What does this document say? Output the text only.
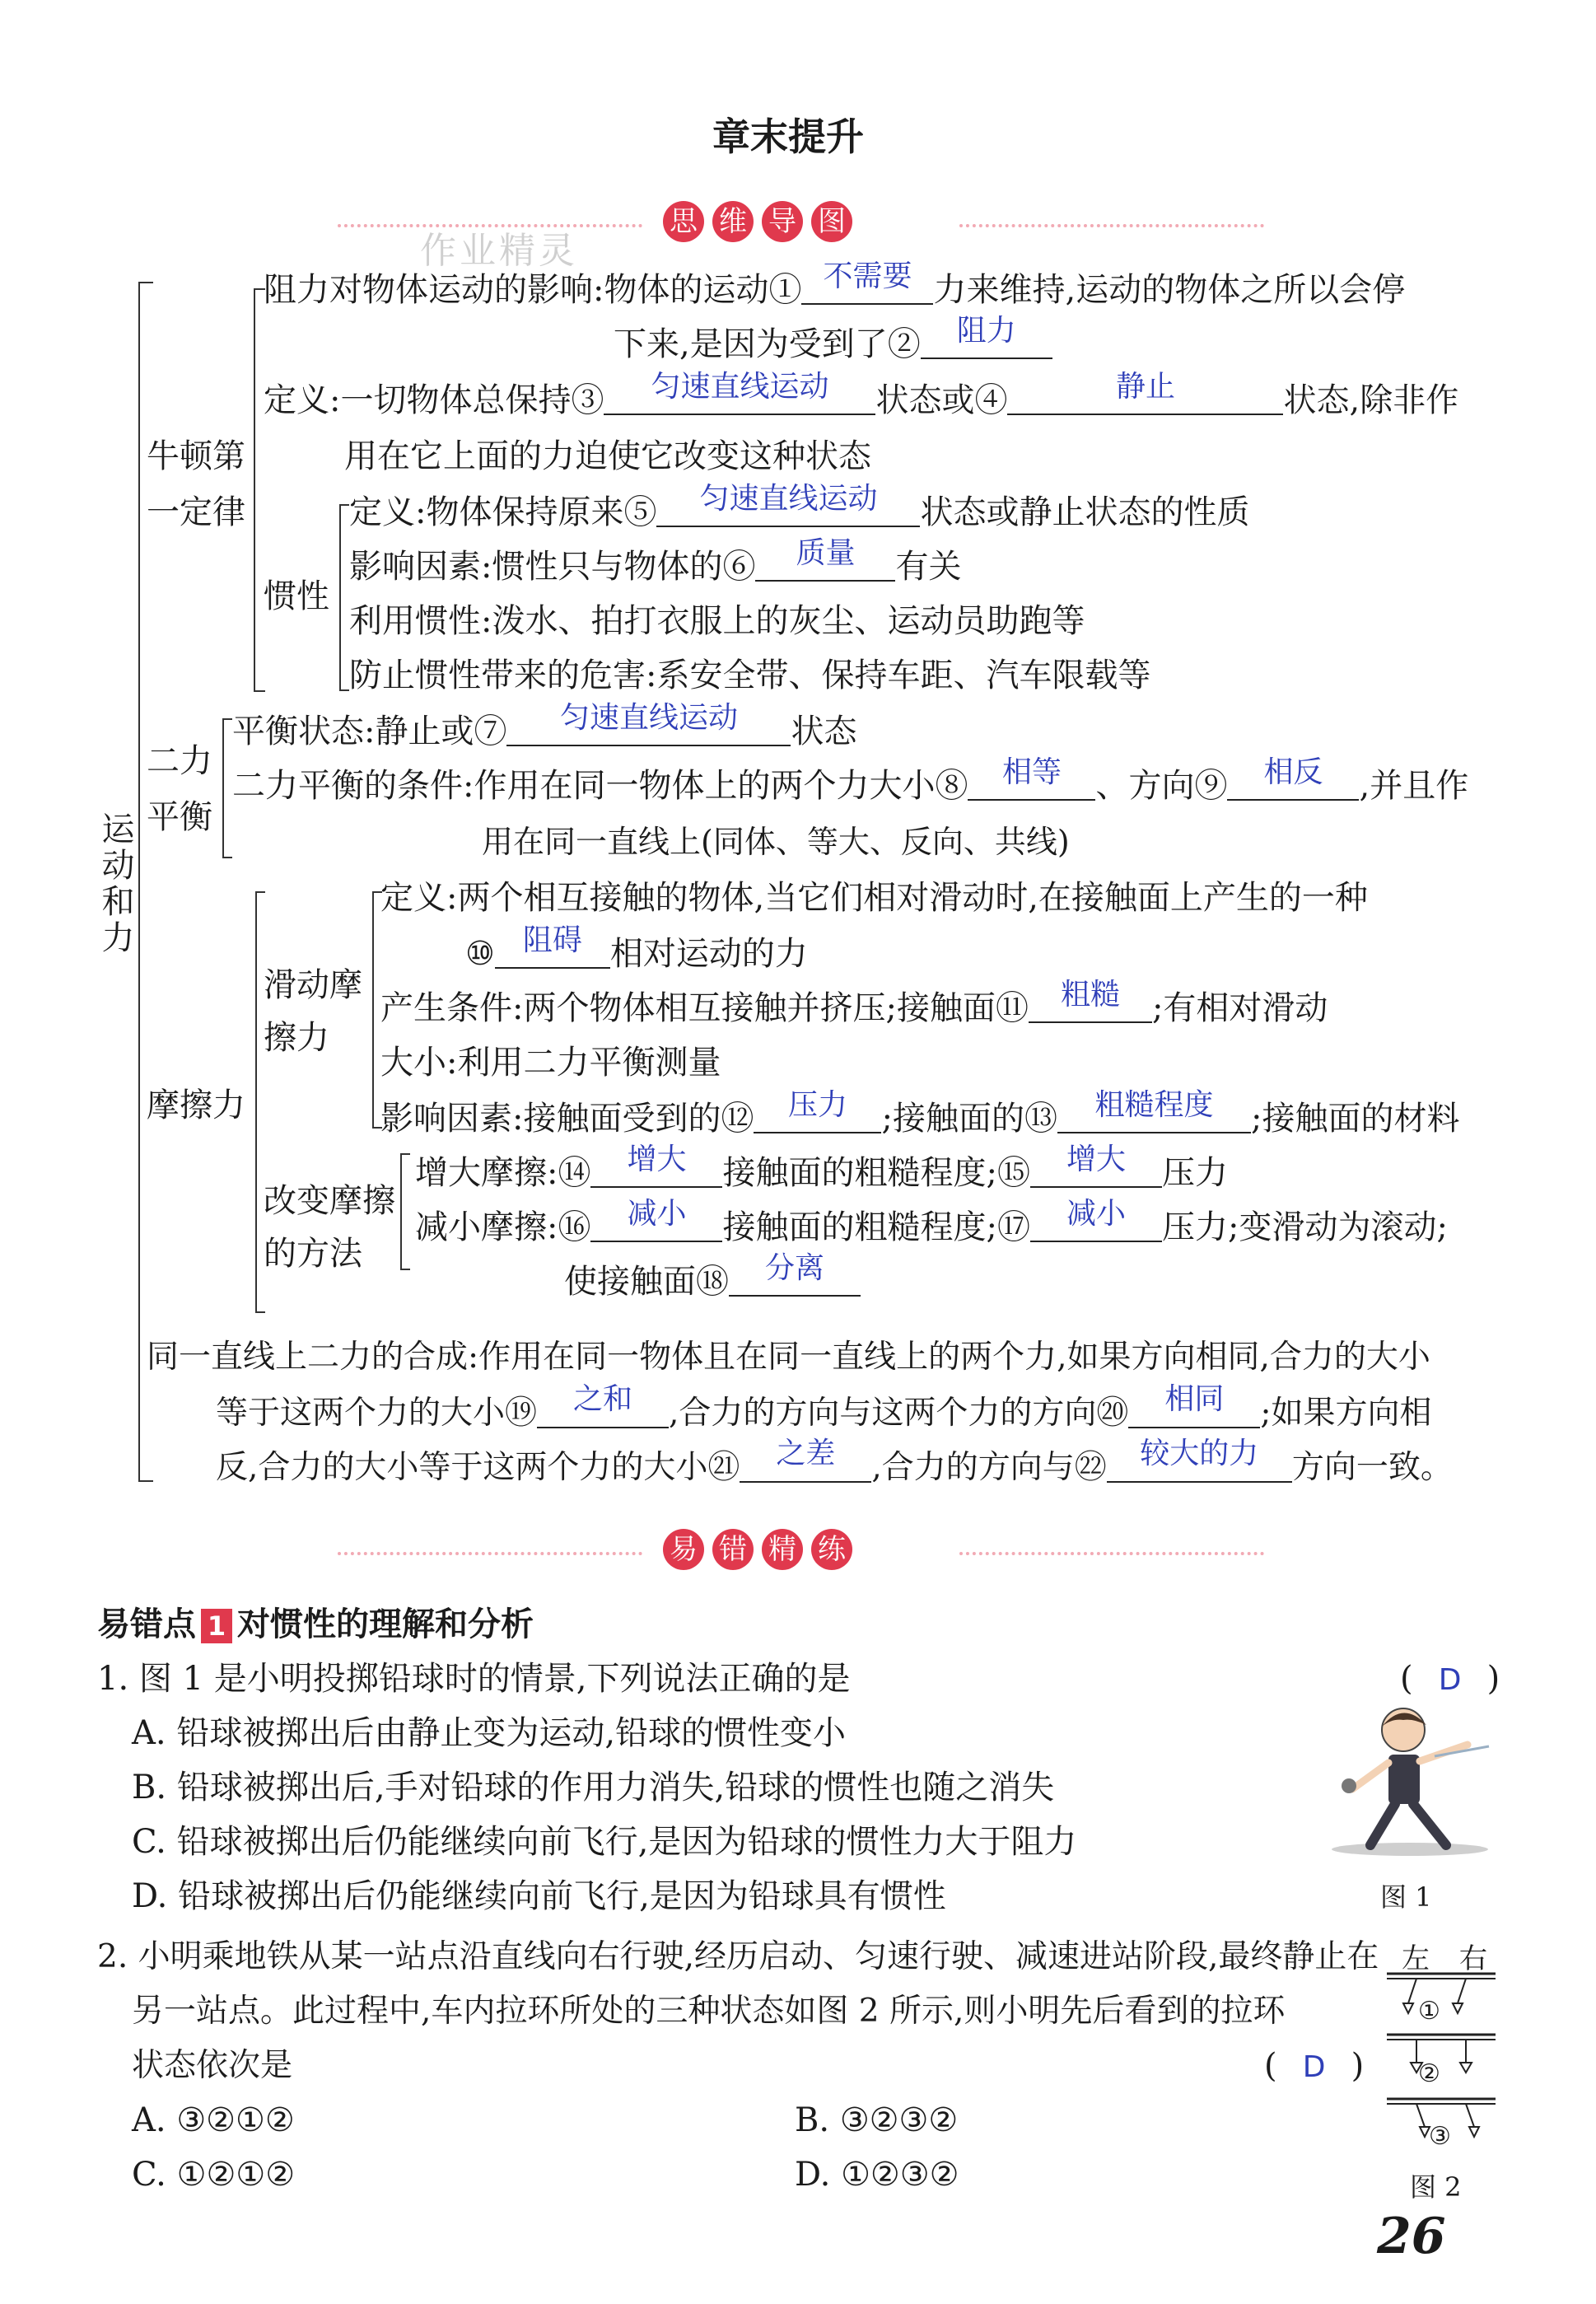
章末提升
思 维 导 图
作业精灵
运动和力
牛顿第
一定律
阻力对物体运动的影响:物体的运动① 不需要 力来维持,运动的物体之所以会停
下来,是因为受到了② 阻力
定义:一切物体总保持③ 匀速直线运动 状态或④	静止	状态,除非作
用在它上面的力迫使它改变这种状态
惯性
定义:物体保持原来⑤ 匀速直线运动 状态或静止状态的性质
影响因素:惯性只与物体的⑥ 质量 有关
利用惯性:泼水、拍打衣服上的灰尘、运动员助跑等
防止惯性带来的危害:系安全带、保持车距、汽车限载等
二力
平衡
平衡状态:静止或⑦ 匀速直线运动 状态
二力平衡的条件:作用在同一物体上的两个力大小⑧ 相等 、方向⑨ 相反 ,并且作
用在同一直线上(同体、等大、反向、共线)
摩擦力
滑动摩
擦力
定义:两个相互接触的物体,当它们相对滑动时,在接触面上产生的一种
⑩ 阻碍 相对运动的力
产生条件:两个物体相互接触并挤压;接触面⑪ 粗糙 ;有相对滑动
大小:利用二力平衡测量
影响因素:接触面受到的⑫ 压力 ;接触面的⑬ 粗糙程度 ;接触面的材料
改变摩擦
的方法
增大摩擦:⑭ 增大 接触面的粗糙程度;⑮ 增大 压力
减小摩擦:⑯ 减小 接触面的粗糙程度;⑰ 减小 压力;变滑动为滚动;
使接触面⑱ 分离
同一直线上二力的合成:作用在同一物体且在同一直线上的两个力,如果方向相同,合力的大小
等于这两个力的大小⑲ 之和 ,合力的方向与这两个力的方向⑳ 相同 ;如果方向相
反,合力的大小等于这两个力的大小㉑ 之差 ,合力的方向与㉒ 较大的力 方向一致。
易 错 精 练
易错点 1 对惯性的理解和分析
1. 图 1 是小明投掷铅球时的情景,下列说法正确的是	( D )
A. 铅球被掷出后由静止变为运动,铅球的惯性变小
B. 铅球被掷出后,手对铅球的作用力消失,铅球的惯性也随之消失
C. 铅球被掷出后仍能继续向前飞行,是因为铅球的惯性力大于阻力
D. 铅球被掷出后仍能继续向前飞行,是因为铅球具有惯性	图 1
2. 小明乘地铁从某一站点沿直线向右行驶,经历启动、匀速行驶、减速进站阶段,最终静止在
另一站点。此过程中,车内拉环所处的三种状态如图 2 所示,则小明先后看到的拉环
状态依次是	( D )
A. ③②①②	B. ③②③②
C. ①②①②	D. ①②③②
左 右
①
②
③
图 2
26
